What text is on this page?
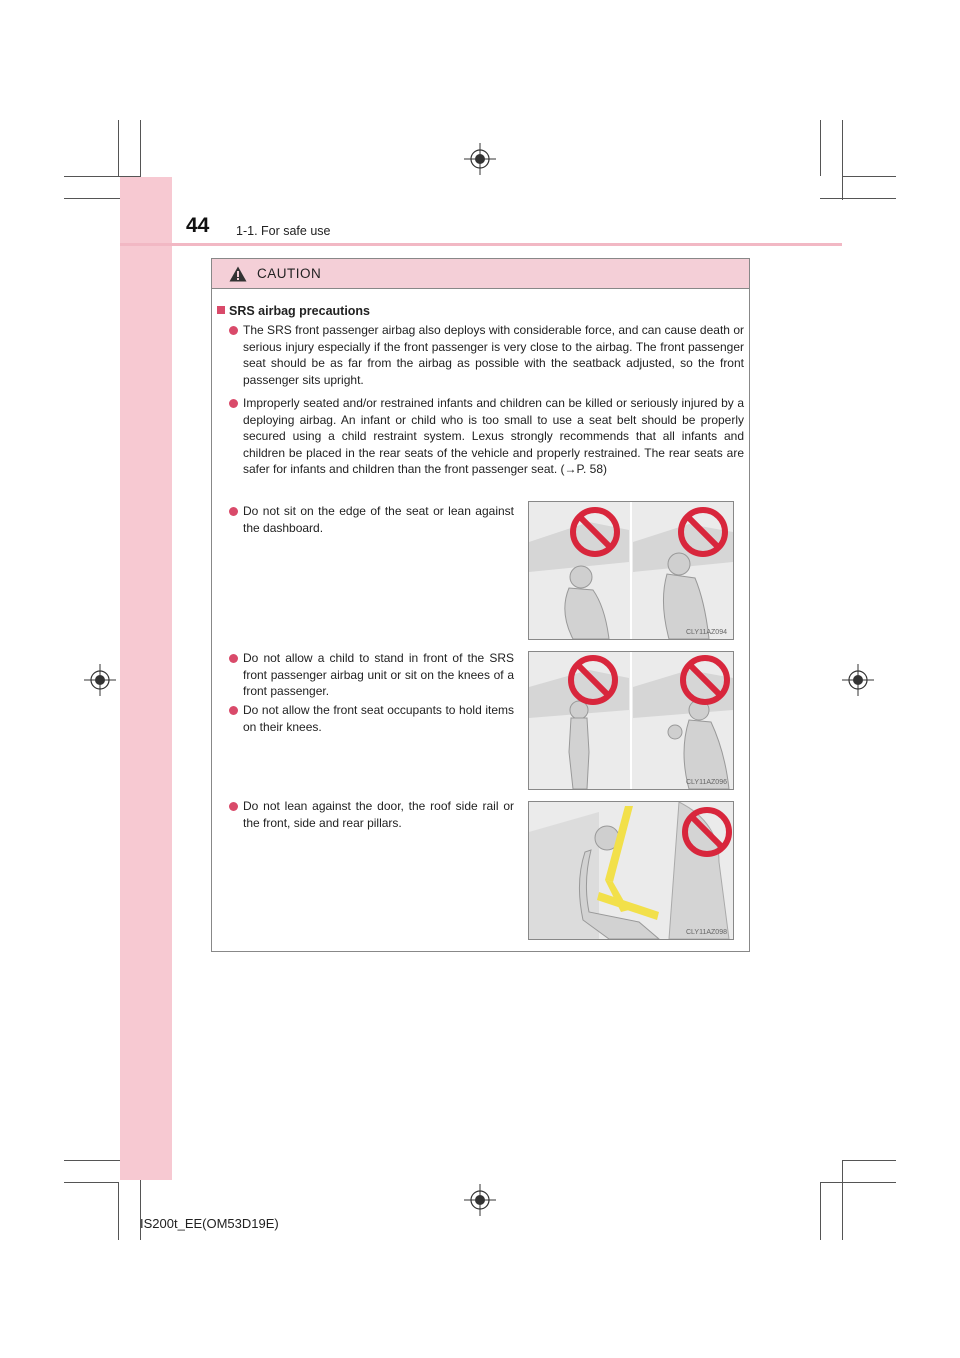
44 1-1. For safe use
CAUTION
SRS airbag precautions
The SRS front passenger airbag also deploys with considerable force, and can cause death or serious injury especially if the front passenger is very close to the airbag. The front passenger seat should be as far from the airbag as possible with the seatback adjusted, so the front passenger sits upright.
Improperly seated and/or restrained infants and children can be killed or seriously injured by a deploying airbag. An infant or child who is too small to use a seat belt should be properly secured using a child restraint system. Lexus strongly recommends that all infants and children be placed in the rear seats of the vehicle and properly restrained. The rear seats are safer for infants and children than the front passenger seat. (→P. 58)
Do not sit on the edge of the seat or lean against the dashboard.
Do not allow a child to stand in front of the SRS front passenger airbag unit or sit on the knees of a front passenger.
Do not allow the front seat occupants to hold items on their knees.
Do not lean against the door, the roof side rail or the front, side and rear pillars.
CLY11AZ094
CLY11AZ096
CLY11AZ098
IS200t_EE(OM53D19E)
